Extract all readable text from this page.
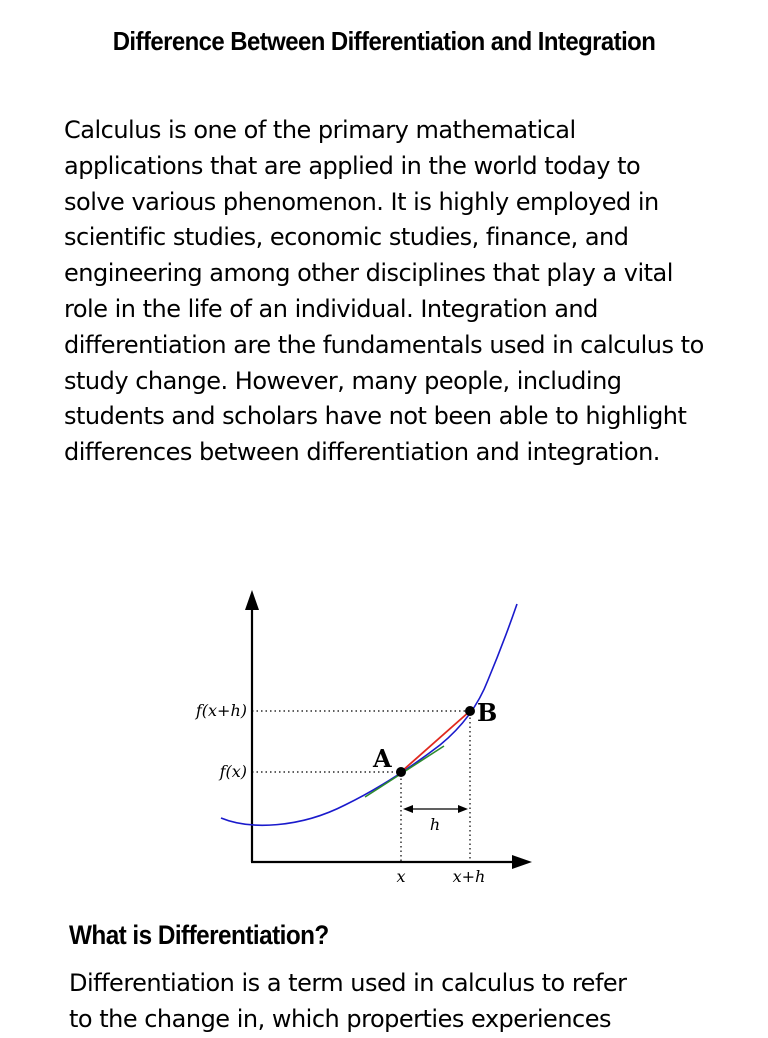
Difference Between Differentiation and Integration
Calculus is one of the primary mathematical
applications that are applied in the world today to
solve various phenomenon. It is highly employed in
scientific studies, economic studies, finance, and
engineering among other disciplines that play a vital
role in the life of an individual. Integration and
differentiation are the fundamentals used in calculus to
study change. However, many people, including
students and scholars have not been able to highlight
differences between differentiation and integration.
f(x+h)
f(x)	A
B
h
x	x+h
What is Differentiation?
Differentiation is a term used in calculus to refer
to the change in, which properties experiences
